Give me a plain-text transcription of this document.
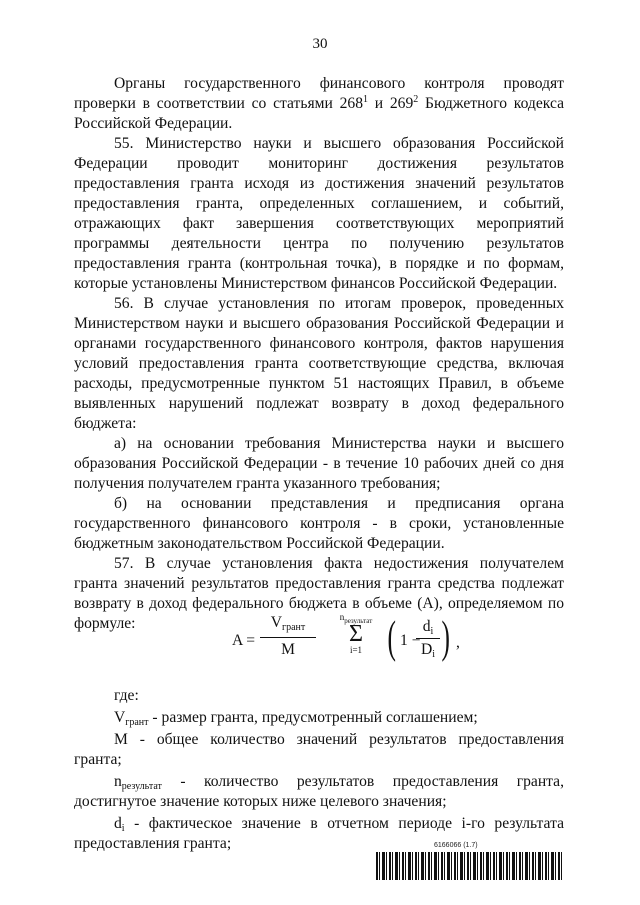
30

Органы государственного финансового контроля проводят проверки в соответствии со статьями 268$^1$ и 269$^2$ Бюджетного кодекса Российской Федерации.

55. Министерство науки и высшего образования Российской Федерации проводит мониторинг достижения результатов предоставления гранта исходя из достижения значений результатов предоставления гранта, определенных соглашением, и событий, отражающих факт завершения соответствующих мероприятий программы деятельности центра по получению результатов предоставления гранта (контрольная точка), в порядке и по формам, которые установлены Министерством финансов Российской Федерации.

56. В случае установления по итогам проверок, проведенных Министерством науки и высшего образования Российской Федерации и органами государственного финансового контроля, фактов нарушения условий предоставления гранта соответствующие средства, включая расходы, предусмотренные пунктом 51 настоящих Правил, в объеме выявленных нарушений подлежат возврату в доход федерального бюджета:

а) на основании требования Министерства науки и высшего образования Российской Федерации - в течение 10 рабочих дней со дня получения получателем гранта указанного требования;

б) на основании представления и предписания органа государственного финансового контроля - в сроки, установленные бюджетным законодательством Российской Федерации.

57. В случае установления факта недостижения получателем гранта значений результатов предоставления гранта средства подлежат возврату в доход федерального бюджета в объеме (А), определяемом по формуле:

A =
$V_{грант}$
M
$n_{результат}$
Σ
i=1 ( 1 −
$d_i$
$D_i$ ) ,

где:

$V_{грант}$ - размер гранта, предусмотренный соглашением;

M - общее количество значений результатов предоставления гранта;

$n_{результат}$ - количество результатов предоставления гранта, достигнутое значение которых ниже целевого значения;

$d_i$ - фактическое значение в отчетном периоде i-го результата предоставления гранта;	6166066 (1.7)
